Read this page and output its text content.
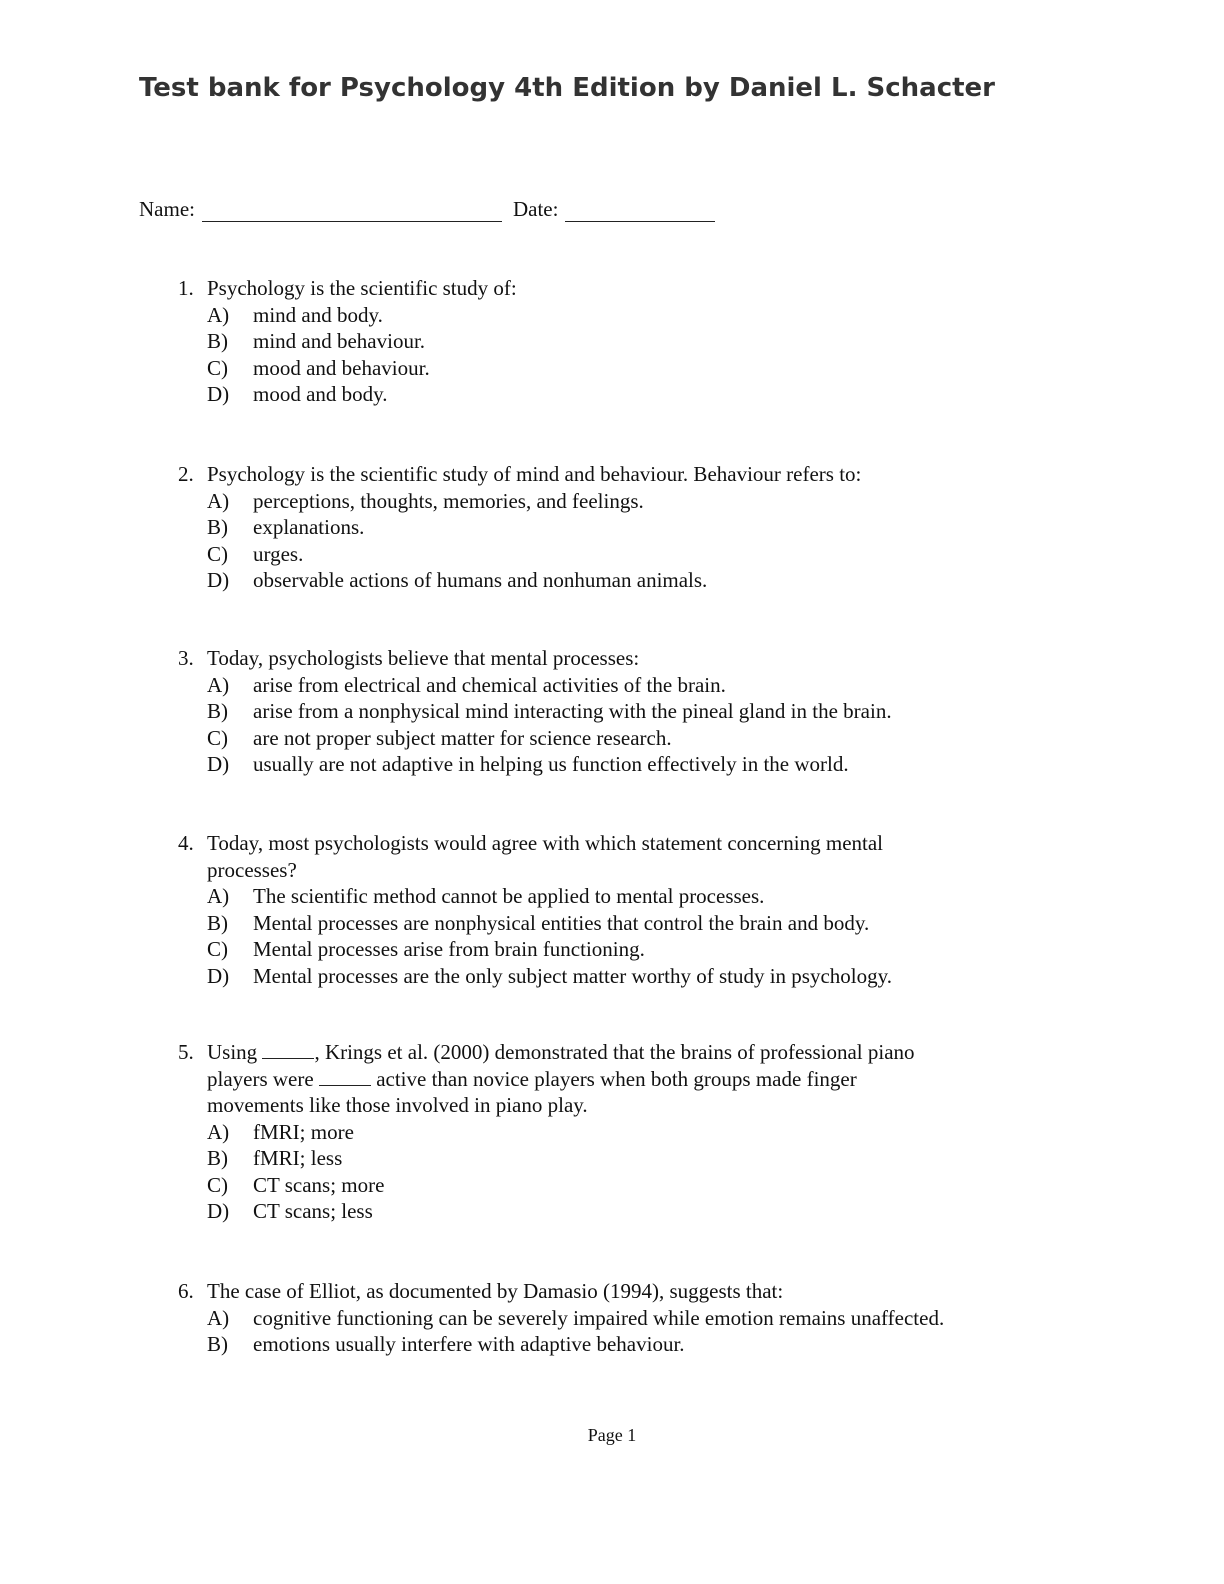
Test bank for Psychology 4th Edition by Daniel L. Schacter
Name:	Date:
1. Psychology is the scientific study of:
A)	mind and body.
B)	mind and behaviour.
C)	mood and behaviour.
D)	mood and body.
2. Psychology is the scientific study of mind and behaviour. Behaviour refers to:
A)	perceptions, thoughts, memories, and feelings.
B)	explanations.
C)	urges.
D)	observable actions of humans and nonhuman animals.
3. Today, psychologists believe that mental processes:
A)	arise from electrical and chemical activities of the brain.
B)	arise from a nonphysical mind interacting with the pineal gland in the brain.
C)	are not proper subject matter for science research.
D)	usually are not adaptive in helping us function effectively in the world.
4. Today, most psychologists would agree with which statement concerning mental
processes?
A)	The scientific method cannot be applied to mental processes.
B)	Mental processes are nonphysical entities that control the brain and body.
C)	Mental processes arise from brain functioning.
D)	Mental processes are the only subject matter worthy of study in psychology.
5. Using	, Krings et al. (2000) demonstrated that the brains of professional piano
players were	active than novice players when both groups made finger
movements like those involved in piano play.
A)	fMRI; more
B)	fMRI; less
C)	CT scans; more
D)	CT scans; less
6. The case of Elliot, as documented by Damasio (1994), suggests that:
A)	cognitive functioning can be severely impaired while emotion remains unaffected.
B)	emotions usually interfere with adaptive behaviour.
Page 1
